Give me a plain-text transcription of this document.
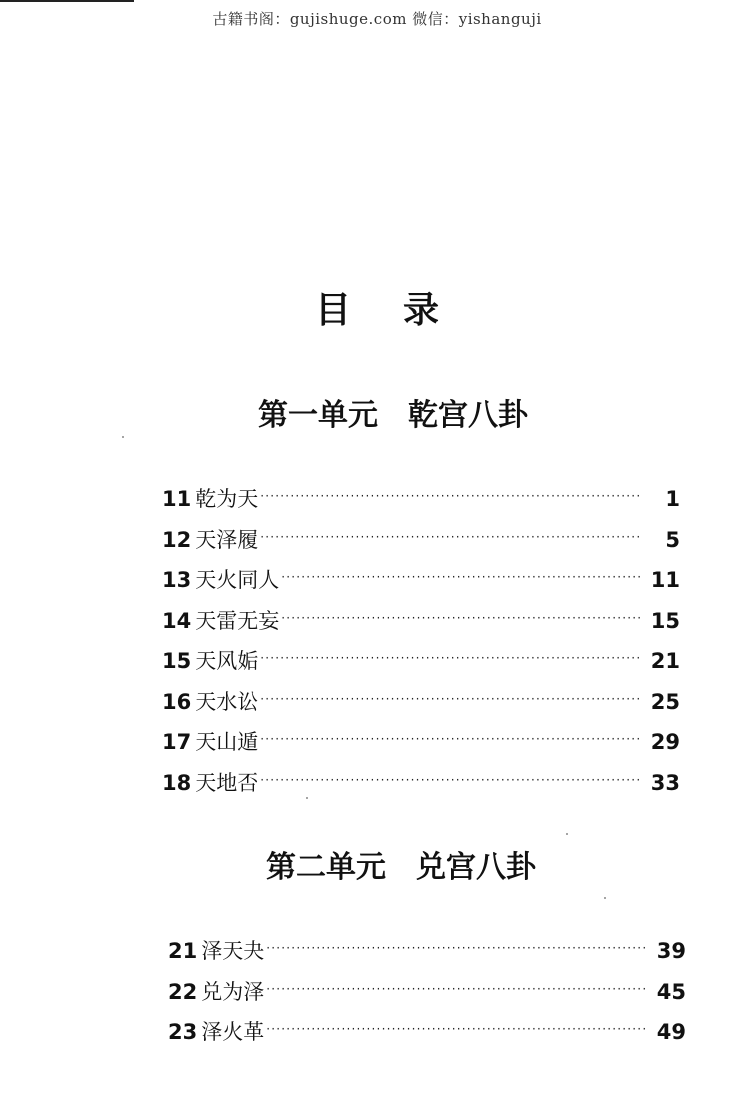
古籍书阁：gujishuge.com 微信：yishanguji
目录
第一单元　乾宫八卦
11 乾为天 ·····	1
12 天泽履 ·····	5
13 天火同人 ·····	11
14 天雷无妄 ·····	15
15 天风姤 ·····	21
16 天水讼 ·····	25
17 天山遁 ·····	29
18 天地否 ·····	33
第二单元　兑宫八卦
21 泽天夬 ·····	39
22 兑为泽 ·····	45
23 泽火革 ·····	49
